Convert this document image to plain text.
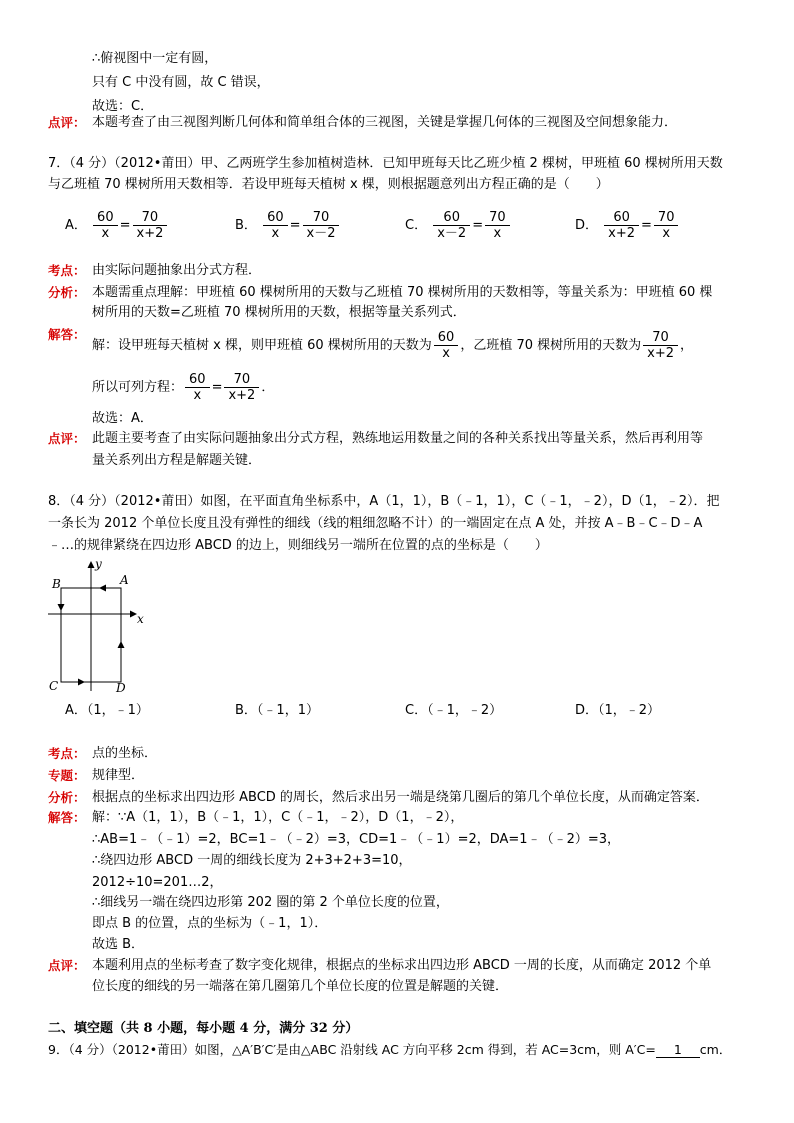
∴俯视图中一定有圆，
只有 C 中没有圆，故 C 错误，
故选：C．
点评： 本题考查了由三视图判断几何体和简单组合体的三视图，关键是掌握几何体的三视图及空间想象能力．
7．（4 分）（2012•莆田）甲、乙两班学生参加植树造林．已知甲班每天比乙班少植 2 棵树，甲班植 60 棵树所用天数
与乙班植 70 棵树所用天数相等．若设甲班每天植树 x 棵，则根据题意列出方程正确的是（　　）
A． $\frac{60}{x} = \frac{70}{x+2}$	B． $\frac{60}{x} = \frac{70}{x-2}$	C． $\frac{60}{x-2} = \frac{70}{x}$	D． $\frac{60}{x+2} = \frac{70}{x}$
考点： 由实际问题抽象出分式方程．
分析： 本题需重点理解：甲班植 60 棵树所用的天数与乙班植 70 棵树所用的天数相等，等量关系为：甲班植 60 棵
树所用的天数=乙班植 70 棵树所用的天数，根据等量关系列式．
解答：
解：设甲班每天植树 x 棵，则甲班植 60 棵树所用的天数为 $\frac{60}{x}$ ，乙班植 70 棵树所用的天数为 $\frac{70}{x+2}$ ，
所以可列方程： $\frac{60}{x} = \frac{70}{x+2}$ ．
故选：A．
点评： 此题主要考查了由实际问题抽象出分式方程，熟练地运用数量之间的各种关系找出等量关系，然后再利用等
量关系列出方程是解题关键．
8．（4 分）（2012•莆田）如图，在平面直角坐标系中，A（1，1），B（﹣1，1），C（﹣1，﹣2），D（1，﹣2）．把
一条长为 2012 个单位长度且没有弹性的细线（线的粗细忽略不计）的一端固定在点 A 处，并按 A﹣B﹣C﹣D﹣A
﹣…的规律紧绕在四边形 ABCD 的边上，则细线另一端所在位置的点的坐标是（　　）
A
B
C	D
x
y
A．（1，﹣1）	B．（﹣1，1）	C．（﹣1，﹣2）	D．（1，﹣2）
考点： 点的坐标．
专题： 规律型．
分析： 根据点的坐标求出四边形 ABCD 的周长，然后求出另一端是绕第几圈后的第几个单位长度，从而确定答案．
解答： 解：∵A（1，1），B（﹣1，1），C（﹣1，﹣2），D（1，﹣2），
∴AB=1﹣（﹣1）=2，BC=1﹣（﹣2）=3，CD=1﹣（﹣1）=2，DA=1﹣（﹣2）=3，
∴绕四边形 ABCD 一周的细线长度为 2+3+2+3=10，
2012÷10=201…2，
∴细线另一端在绕四边形第 202 圈的第 2 个单位长度的位置，
即点 B 的位置，点的坐标为（﹣1，1）．
故选 B．
点评： 本题利用点的坐标考查了数字变化规律，根据点的坐标求出四边形 ABCD 一周的长度，从而确定 2012 个单
位长度的细线的另一端落在第几圈第几个单位长度的位置是解题的关键．
二、填空题（共 8 小题，每小题 4 分，满分 32 分）
9．（4 分）（2012•莆田）如图，△A′B′C′是由△ABC 沿射线 AC 方向平移 2cm 得到，若 AC=3cm，则 A′C= 1 cm．
